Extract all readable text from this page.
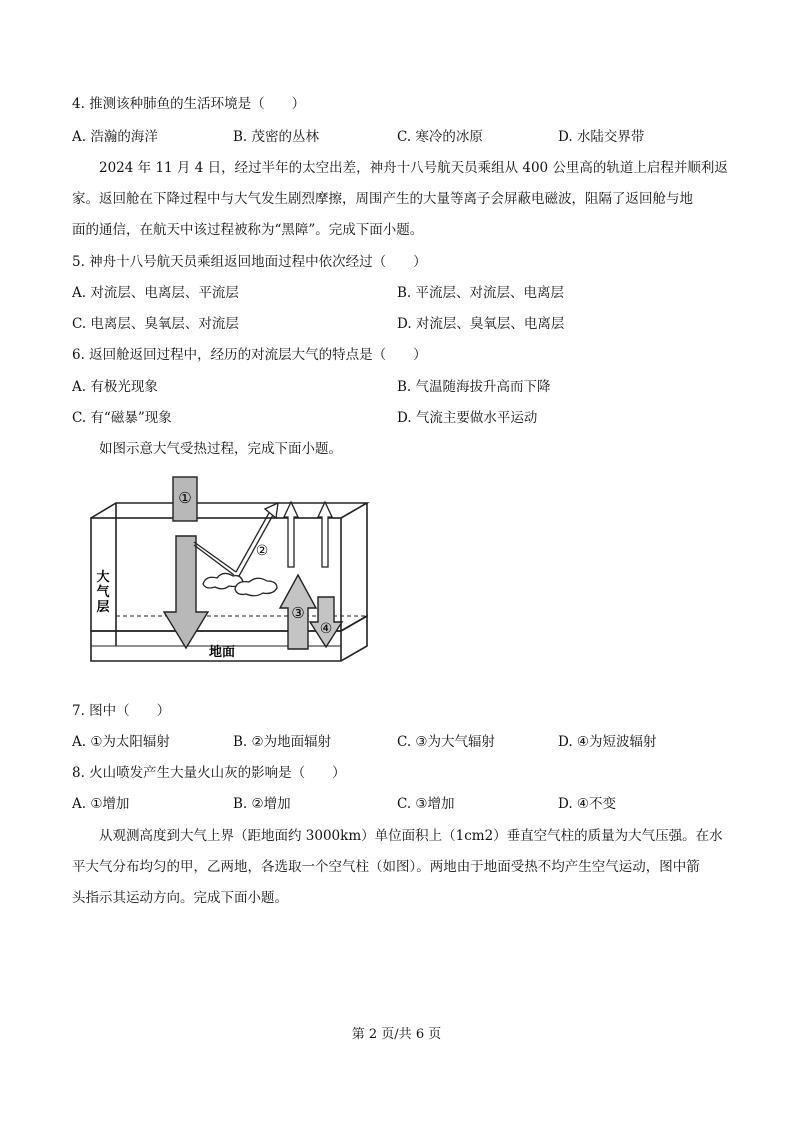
4. 推测该种肺鱼的生活环境是（　　）
A. 浩瀚的海洋	B. 茂密的丛林	C. 寒冷的冰原	D. 水陆交界带
2024 年 11 月 4 日，经过半年的太空出差，神舟十八号航天员乘组从 400 公里高的轨道上启程并顺利返
家。返回舱在下降过程中与大气发生剧烈摩擦，周围产生的大量等离子会屏蔽电磁波，阻隔了返回舱与地
面的通信，在航天中该过程被称为“黑障”。完成下面小题。
5. 神舟十八号航天员乘组返回地面过程中依次经过（　　）
A. 对流层、电离层、平流层	B. 平流层、对流层、电离层
C. 电离层、臭氧层、对流层	D. 对流层、臭氧层、电离层
6. 返回舱返回过程中，经历的对流层大气的特点是（　　）
A. 有极光现象	B. 气温随海拔升高而下降
C. 有“磁暴”现象	D. 气流主要做水平运动
如图示意大气受热过程，完成下面小题。
①
②
③
④
大
气
层
地面
7. 图中（　　）
A. ①为太阳辐射	B. ②为地面辐射	C. ③为大气辐射	D. ④为短波辐射
8. 火山喷发产生大量火山灰的影响是（　　）
A. ①增加	B. ②增加	C. ③增加	D. ④不变
从观测高度到大气上界（距地面约 3000km）单位面积上（1cm2）垂直空气柱的质量为大气压强。在水
平大气分布均匀的甲，乙两地，各选取一个空气柱（如图）。两地由于地面受热不均产生空气运动，图中箭
头指示其运动方向。完成下面小题。
第 2 页/共 6 页
